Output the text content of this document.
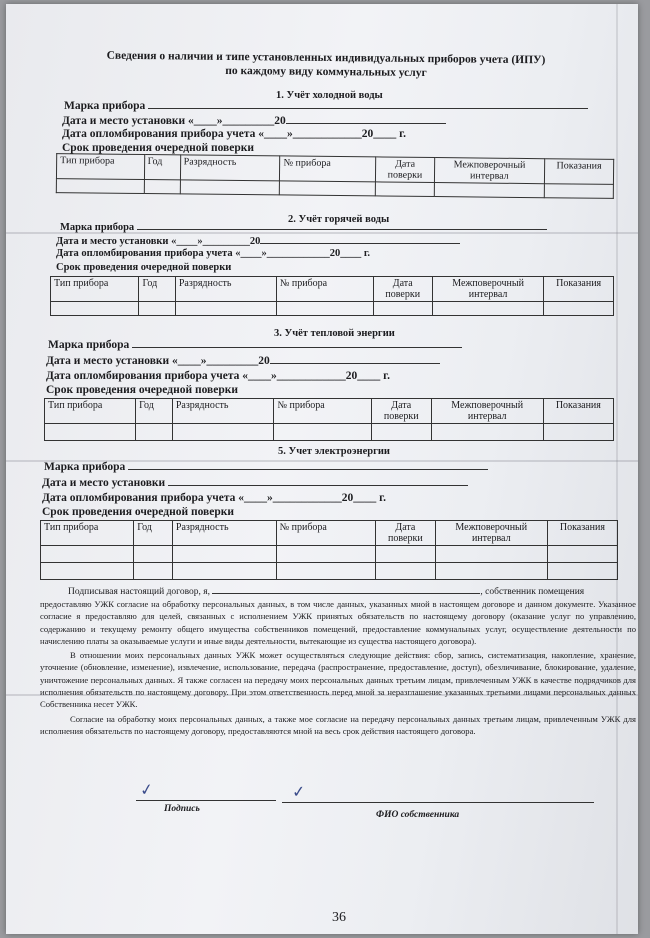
Сведения о наличии и типе установленных индивидуальных приборов учета (ИПУ)
по каждому виду коммунальных услуг
1. Учёт холодной воды
Марка прибора
Дата и место установки «____»_________20
Дата опломбирования прибора учета «____»____________20____ г.
Срок проведения очередной поверки
Тип прибора	Год	Разрядность	№ прибора	Дата поверки	Межповерочный интервал	Показания

2. Учёт горячей воды
Марка прибора
Дата и место установки «____»_________20
Дата опломбирования прибора учета «____»____________20____ г.
Срок проведения очередной поверки
Тип прибора	Год	Разрядность	№ прибора	Дата поверки	Межповерочный интервал	Показания

3. Учёт тепловой энергии
Марка прибора
Дата и место установки «____»_________20
Дата опломбирования прибора учета «____»____________20____ г.
Срок проведения очередной поверки
Тип прибора	Год	Разрядность	№ прибора	Дата поверки	Межповерочный интервал	Показания

5. Учет электроэнергии
Марка прибора
Дата и место установки
Дата опломбирования прибора учета «____»____________20____ г.
Срок проведения очередной поверки
Тип прибора	Год	Разрядность	№ прибора	Дата поверки	Межповерочный интервал	Показания

Подписывая настоящий договор, я,	, собственник помещения

предоставляю УЖК согласие на обработку персональных данных, в том числе данных, указанных мной в настоящем договоре и данном документе. Указанное согласие я предоставляю для целей, связанных с исполнением УЖК принятых обязательств по настоящему договору (оказание услуг по управлению, содержанию и текущему ремонту общего имущества собственников помещений, предоставление коммунальных услуг, осуществление деятельности по начислению платы за оказываемые услуги и иные виды деятельности, вытекающие из существа настоящего договора).

В отношении моих персональных данных УЖК может осуществляться следующие действия: сбор, запись, систематизация, накопление, хранение, уточнение (обновление, изменение), извлечение, использование, передача (распространение, предоставление, доступ), обезличивание, блокирование, удаление, уничтожение персональных данных. Я также согласен на передачу моих персональных данных третьим лицам, привлеченным УЖК в качестве подрядчиков для исполнения обязательств по настоящему договору. При этом ответственность перед мной за неразглашение указанных третьими лицами персональных данных Собственника несет УЖК.

Согласие на обработку моих персональных данных, а также мое согласие на передачу персональных данных третьим лицам, привлеченным УЖК для исполнения обязательств по настоящему договору, предоставляются мной на весь срок действия настоящего договора.

✓	✓
Подпись
ФИО собственника
36
